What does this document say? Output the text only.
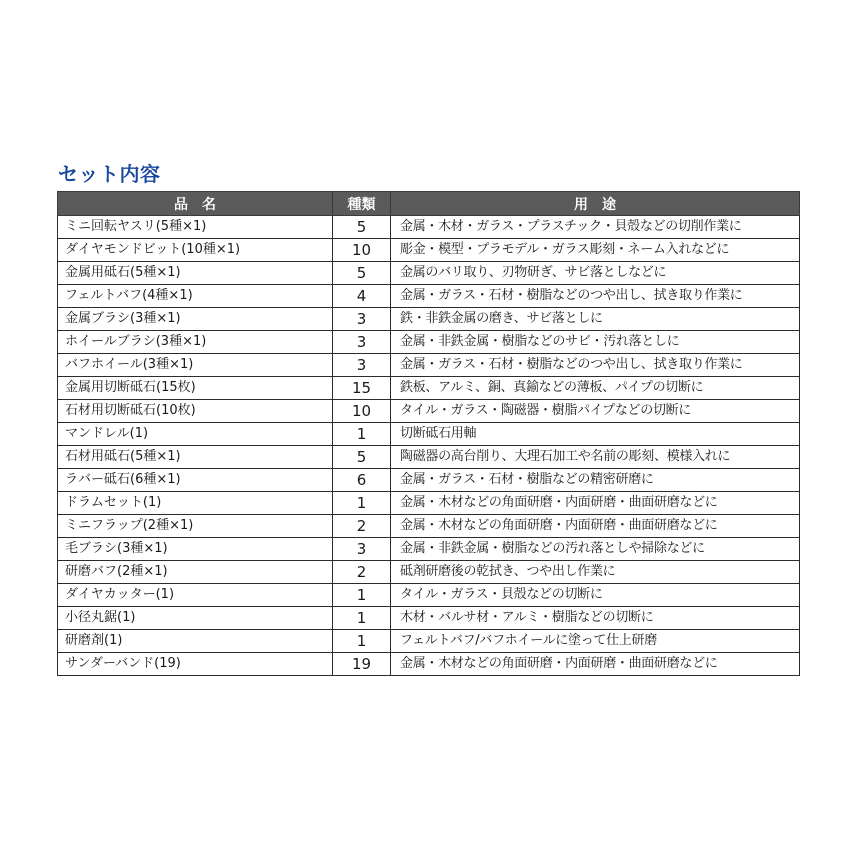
セット内容
品名	種類	用途
ミニ回転ヤスリ(5種×1)	5	金属・木材・ガラス・プラスチック・貝殻などの切削作業に
ダイヤモンドビット(10種×1)	10	彫金・模型・プラモデル・ガラス彫刻・ネーム入れなどに
金属用砥石(5種×1)	5	金属のバリ取り、刃物研ぎ、サビ落としなどに
フェルトバフ(4種×1)	4	金属・ガラス・石材・樹脂などのつや出し、拭き取り作業に
金属ブラシ(3種×1)	3	鉄・非鉄金属の磨き、サビ落としに
ホイールブラシ(3種×1)	3	金属・非鉄金属・樹脂などのサビ・汚れ落としに
バフホイール(3種×1)	3	金属・ガラス・石材・樹脂などのつや出し、拭き取り作業に
金属用切断砥石(15枚)	15	鉄板、アルミ、銅、真鍮などの薄板、パイプの切断に
石材用切断砥石(10枚)	10	タイル・ガラス・陶磁器・樹脂パイプなどの切断に
マンドレル(1)	1	切断砥石用軸
石材用砥石(5種×1)	5	陶磁器の高台削り、大理石加工や名前の彫刻、模様入れに
ラバー砥石(6種×1)	6	金属・ガラス・石材・樹脂などの精密研磨に
ドラムセット(1)	1	金属・木材などの角面研磨・内面研磨・曲面研磨などに
ミニフラップ(2種×1)	2	金属・木材などの角面研磨・内面研磨・曲面研磨などに
毛ブラシ(3種×1)	3	金属・非鉄金属・樹脂などの汚れ落としや掃除などに
研磨バフ(2種×1)	2	砥剤研磨後の乾拭き、つや出し作業に
ダイヤカッター(1)	1	タイル・ガラス・貝殻などの切断に
小径丸鋸(1)	1	木材・バルサ材・アルミ・樹脂などの切断に
研磨剤(1)	1	フェルトバフ/バフホイールに塗って仕上研磨
サンダーバンド(19)	19	金属・木材などの角面研磨・内面研磨・曲面研磨などに
